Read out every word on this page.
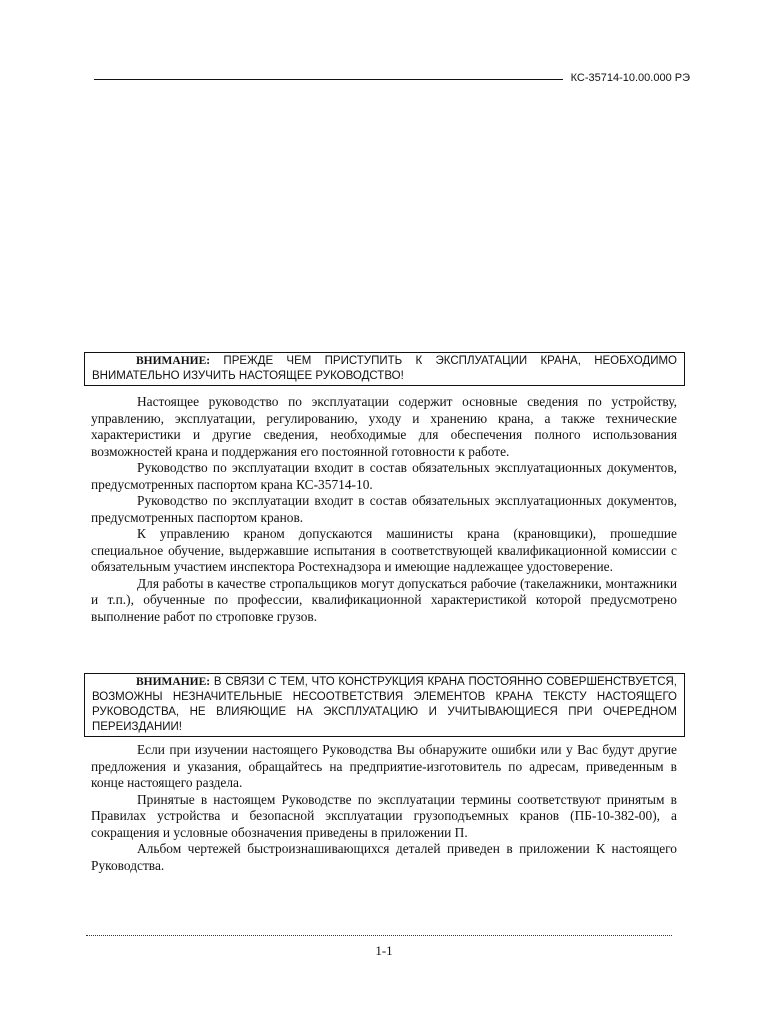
КС-35714-10.00.000 РЭ
ВНИМАНИЕ: ПРЕЖДЕ ЧЕМ ПРИСТУПИТЬ К ЭКСПЛУАТАЦИИ КРАНА, НЕОБХОДИМО ВНИМАТЕЛЬНО ИЗУЧИТЬ НАСТОЯЩЕЕ РУКОВОДСТВО!

Настоящее руководство по эксплуатации содержит основные сведения по устройству, управлению, эксплуатации, регулированию, уходу и хранению крана, а также технические характеристики и другие сведения, необходимые для обеспечения полного использования возможностей крана и поддержания его постоянной готовности к работе.

Руководство по эксплуатации входит в состав обязательных эксплуатационных документов, предусмотренных паспортом крана КС-35714-10.

Руководство по эксплуатации входит в состав обязательных эксплуатационных документов, предусмотренных паспортом кранов.

К управлению краном допускаются машинисты крана (крановщики), прошедшие специальное обучение, выдержавшие испытания в соответствующей квалификационной комиссии с обязательным участием инспектора Ростехнадзора и имеющие надлежащее удостоверение.

Для работы в качестве стропальщиков могут допускаться рабочие (такелажники, монтажники и т.п.), обученные по профессии, квалификационной характеристикой которой предусмотрено выполнение работ по строповке грузов.

ВНИМАНИЕ: В СВЯЗИ С ТЕМ, ЧТО КОНСТРУКЦИЯ КРАНА ПОСТОЯННО СОВЕРШЕНСТВУЕТСЯ, ВОЗМОЖНЫ НЕЗНАЧИТЕЛЬНЫЕ НЕСООТВЕТСТВИЯ ЭЛЕМЕНТОВ КРАНА ТЕКСТУ НАСТОЯЩЕГО РУКОВОДСТВА, НЕ ВЛИЯЮЩИЕ НА ЭКСПЛУАТАЦИЮ И УЧИТЫВАЮЩИЕСЯ ПРИ ОЧЕРЕДНОМ ПЕРЕИЗДАНИИ!

Если при изучении настоящего Руководства Вы обнаружите ошибки или у Вас будут другие предложения и указания, обращайтесь на предприятие-изготовитель по адресам, приведенным в конце настоящего раздела.

Принятые в настоящем Руководстве по эксплуатации термины соответствуют принятым в Правилах устройства и безопасной эксплуатации грузоподъемных кранов (ПБ-10-382-00), а сокращения и условные обозначения приведены в приложении П.

Альбом чертежей быстроизнашивающихся деталей приведен в приложении К настоящего Руководства.

1-1
